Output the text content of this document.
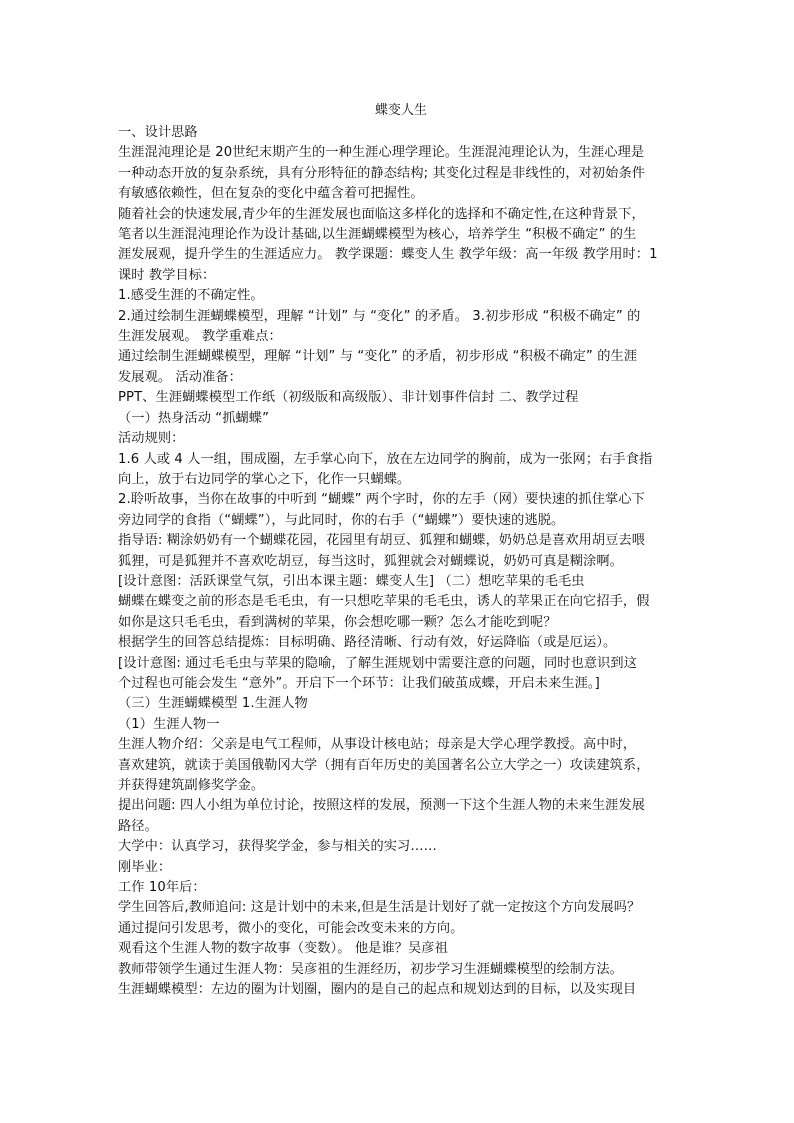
蝶变人生

一、设计思路

生涯混沌理论是 20世纪末期产生的一种生涯心理学理论。生涯混沌理论认为，生涯心理是

一种动态开放的复杂系统，具有分形特征的静态结构; 其变化过程是非线性的，对初始条件

有敏感依赖性，但在复杂的变化中蕴含着可把握性。

随着社会的快速发展,青少年的生涯发展也面临这多样化的选择和不确定性,在这种背景下，

笔者以生涯混沌理论作为设计基础,以生涯蝴蝶模型为核心，培养学生 “积极不确定” 的生

涯发展观，提升学生的生涯适应力。 教学课题：蝶变人生 教学年级：高一年级 教学用时：1

课时 教学目标：

1.感受生涯的不确定性。

2.通过绘制生涯蝴蝶模型，理解 “计划” 与 “变化” 的矛盾。 3.初步形成 “积极不确定” 的

生涯发展观。 教学重难点：

通过绘制生涯蝴蝶模型，理解 “计划” 与 “变化” 的矛盾，初步形成 “积极不确定” 的生涯

发展观。 活动准备：

PPT、生涯蝴蝶模型工作纸（初级版和高级版）、非计划事件信封 二、教学过程

（一）热身活动 “抓蝴蝶”

活动规则：

1.6 人或 4 人一组，围成圈，左手掌心向下，放在左边同学的胸前，成为一张网；右手食指

向上，放于右边同学的掌心之下，化作一只蝴蝶。

2.聆听故事，当你在故事的中听到 “蝴蝶” 两个字时，你的左手（网）要快速的抓住掌心下

旁边同学的食指（“蝴蝶”），与此同时，你的右手（“蝴蝶”）要快速的逃脱。

指导语: 糊涂奶奶有一个蝴蝶花园，花园里有胡豆、狐狸和蝴蝶，奶奶总是喜欢用胡豆去喂

狐狸，可是狐狸并不喜欢吃胡豆，每当这时，狐狸就会对蝴蝶说，奶奶可真是糊涂啊。

[设计意图：活跃课堂气氛，引出本课主题：蝶变人生] （二）想吃苹果的毛毛虫

蝴蝶在蝶变之前的形态是毛毛虫，有一只想吃苹果的毛毛虫，诱人的苹果正在向它招手，假

如你是这只毛毛虫，看到满树的苹果，你会想吃哪一颗？怎么才能吃到呢？

根据学生的回答总结提炼：目标明确、路径清晰、行动有效，好运降临（或是厄运）。

[设计意图: 通过毛毛虫与苹果的隐喻，了解生涯规划中需要注意的问题，同时也意识到这

个过程也可能会发生 “意外”。开启下一个环节：让我们破茧成蝶，开启未来生涯。]

（三）生涯蝴蝶模型 1.生涯人物

（1）生涯人物一

生涯人物介绍：父亲是电气工程师，从事设计核电站；母亲是大学心理学教授。高中时，

喜欢建筑，就读于美国俄勒冈大学（拥有百年历史的美国著名公立大学之一）攻读建筑系，

并获得建筑副修奖学金。

提出问题: 四人小组为单位讨论，按照这样的发展，预测一下这个生涯人物的未来生涯发展

路径。

大学中：认真学习，获得奖学金，参与相关的实习……

刚毕业：

工作 10年后：

学生回答后,教师追问: 这是计划中的未来,但是生活是计划好了就一定按这个方向发展吗？

通过提问引发思考，微小的变化，可能会改变未来的方向。

观看这个生涯人物的数字故事（变数）。 他是谁？吴彦祖

教师带领学生通过生涯人物：吴彦祖的生涯经历，初步学习生涯蝴蝶模型的绘制方法。

生涯蝴蝶模型：左边的圈为计划圈，圈内的是自己的起点和规划达到的目标，以及实现目
